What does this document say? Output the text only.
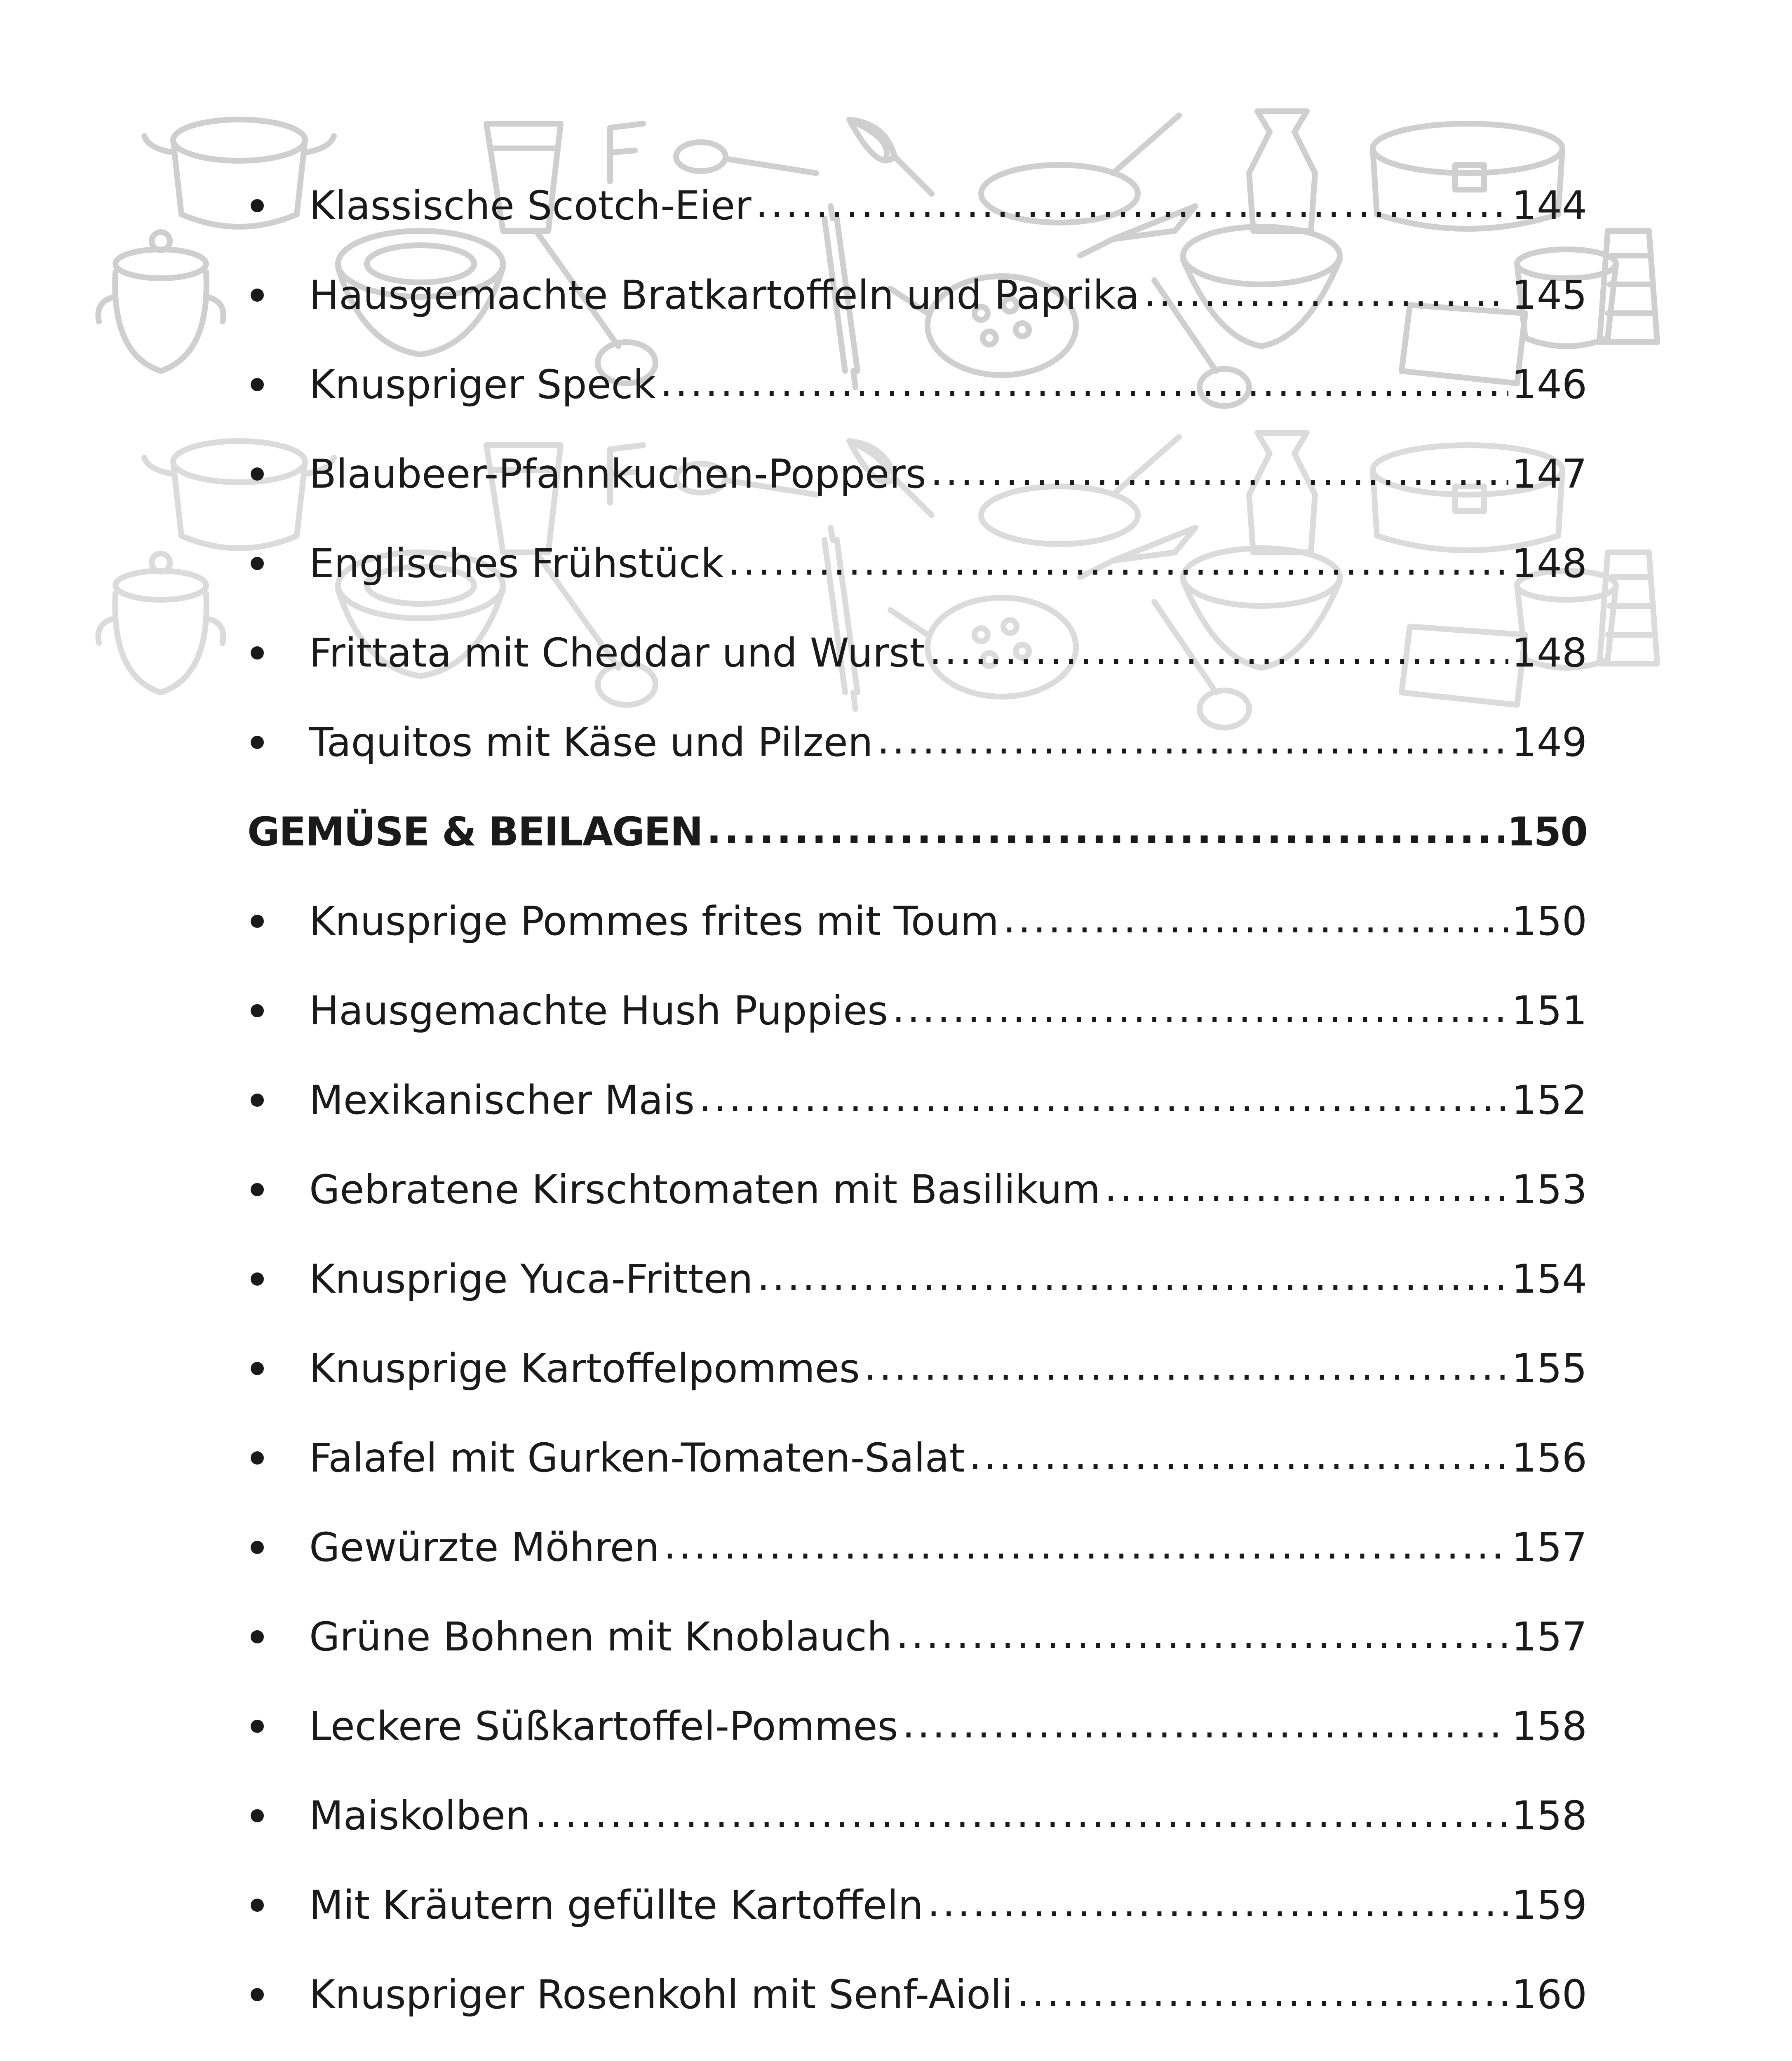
Klassische Scotch-Eier .....	144
Hausgemachte Bratkartoffeln und Paprika .....	145
Knuspriger Speck .....	146
Blaubeer-Pfannkuchen-Poppers .....	147
Englisches Frühstück .....	148
Frittata mit Cheddar und Wurst .....	148
Taquitos mit Käse und Pilzen .....	149
GEMÜSE & BEILAGEN .....	150
Knusprige Pommes frites mit Toum .....	150
Hausgemachte Hush Puppies .....	151
Mexikanischer Mais .....	152
Gebratene Kirschtomaten mit Basilikum .....	153
Knusprige Yuca-Fritten .....	154
Knusprige Kartoffelpommes .....	155
Falafel mit Gurken-Tomaten-Salat .....	156
Gewürzte Möhren .....	157
Grüne Bohnen mit Knoblauch .....	157
Leckere Süßkartoffel-Pommes .....	158
Maiskolben .....	158
Mit Kräutern gefüllte Kartoffeln .....	159
Knuspriger Rosenkohl mit Senf-Aioli .....	160
